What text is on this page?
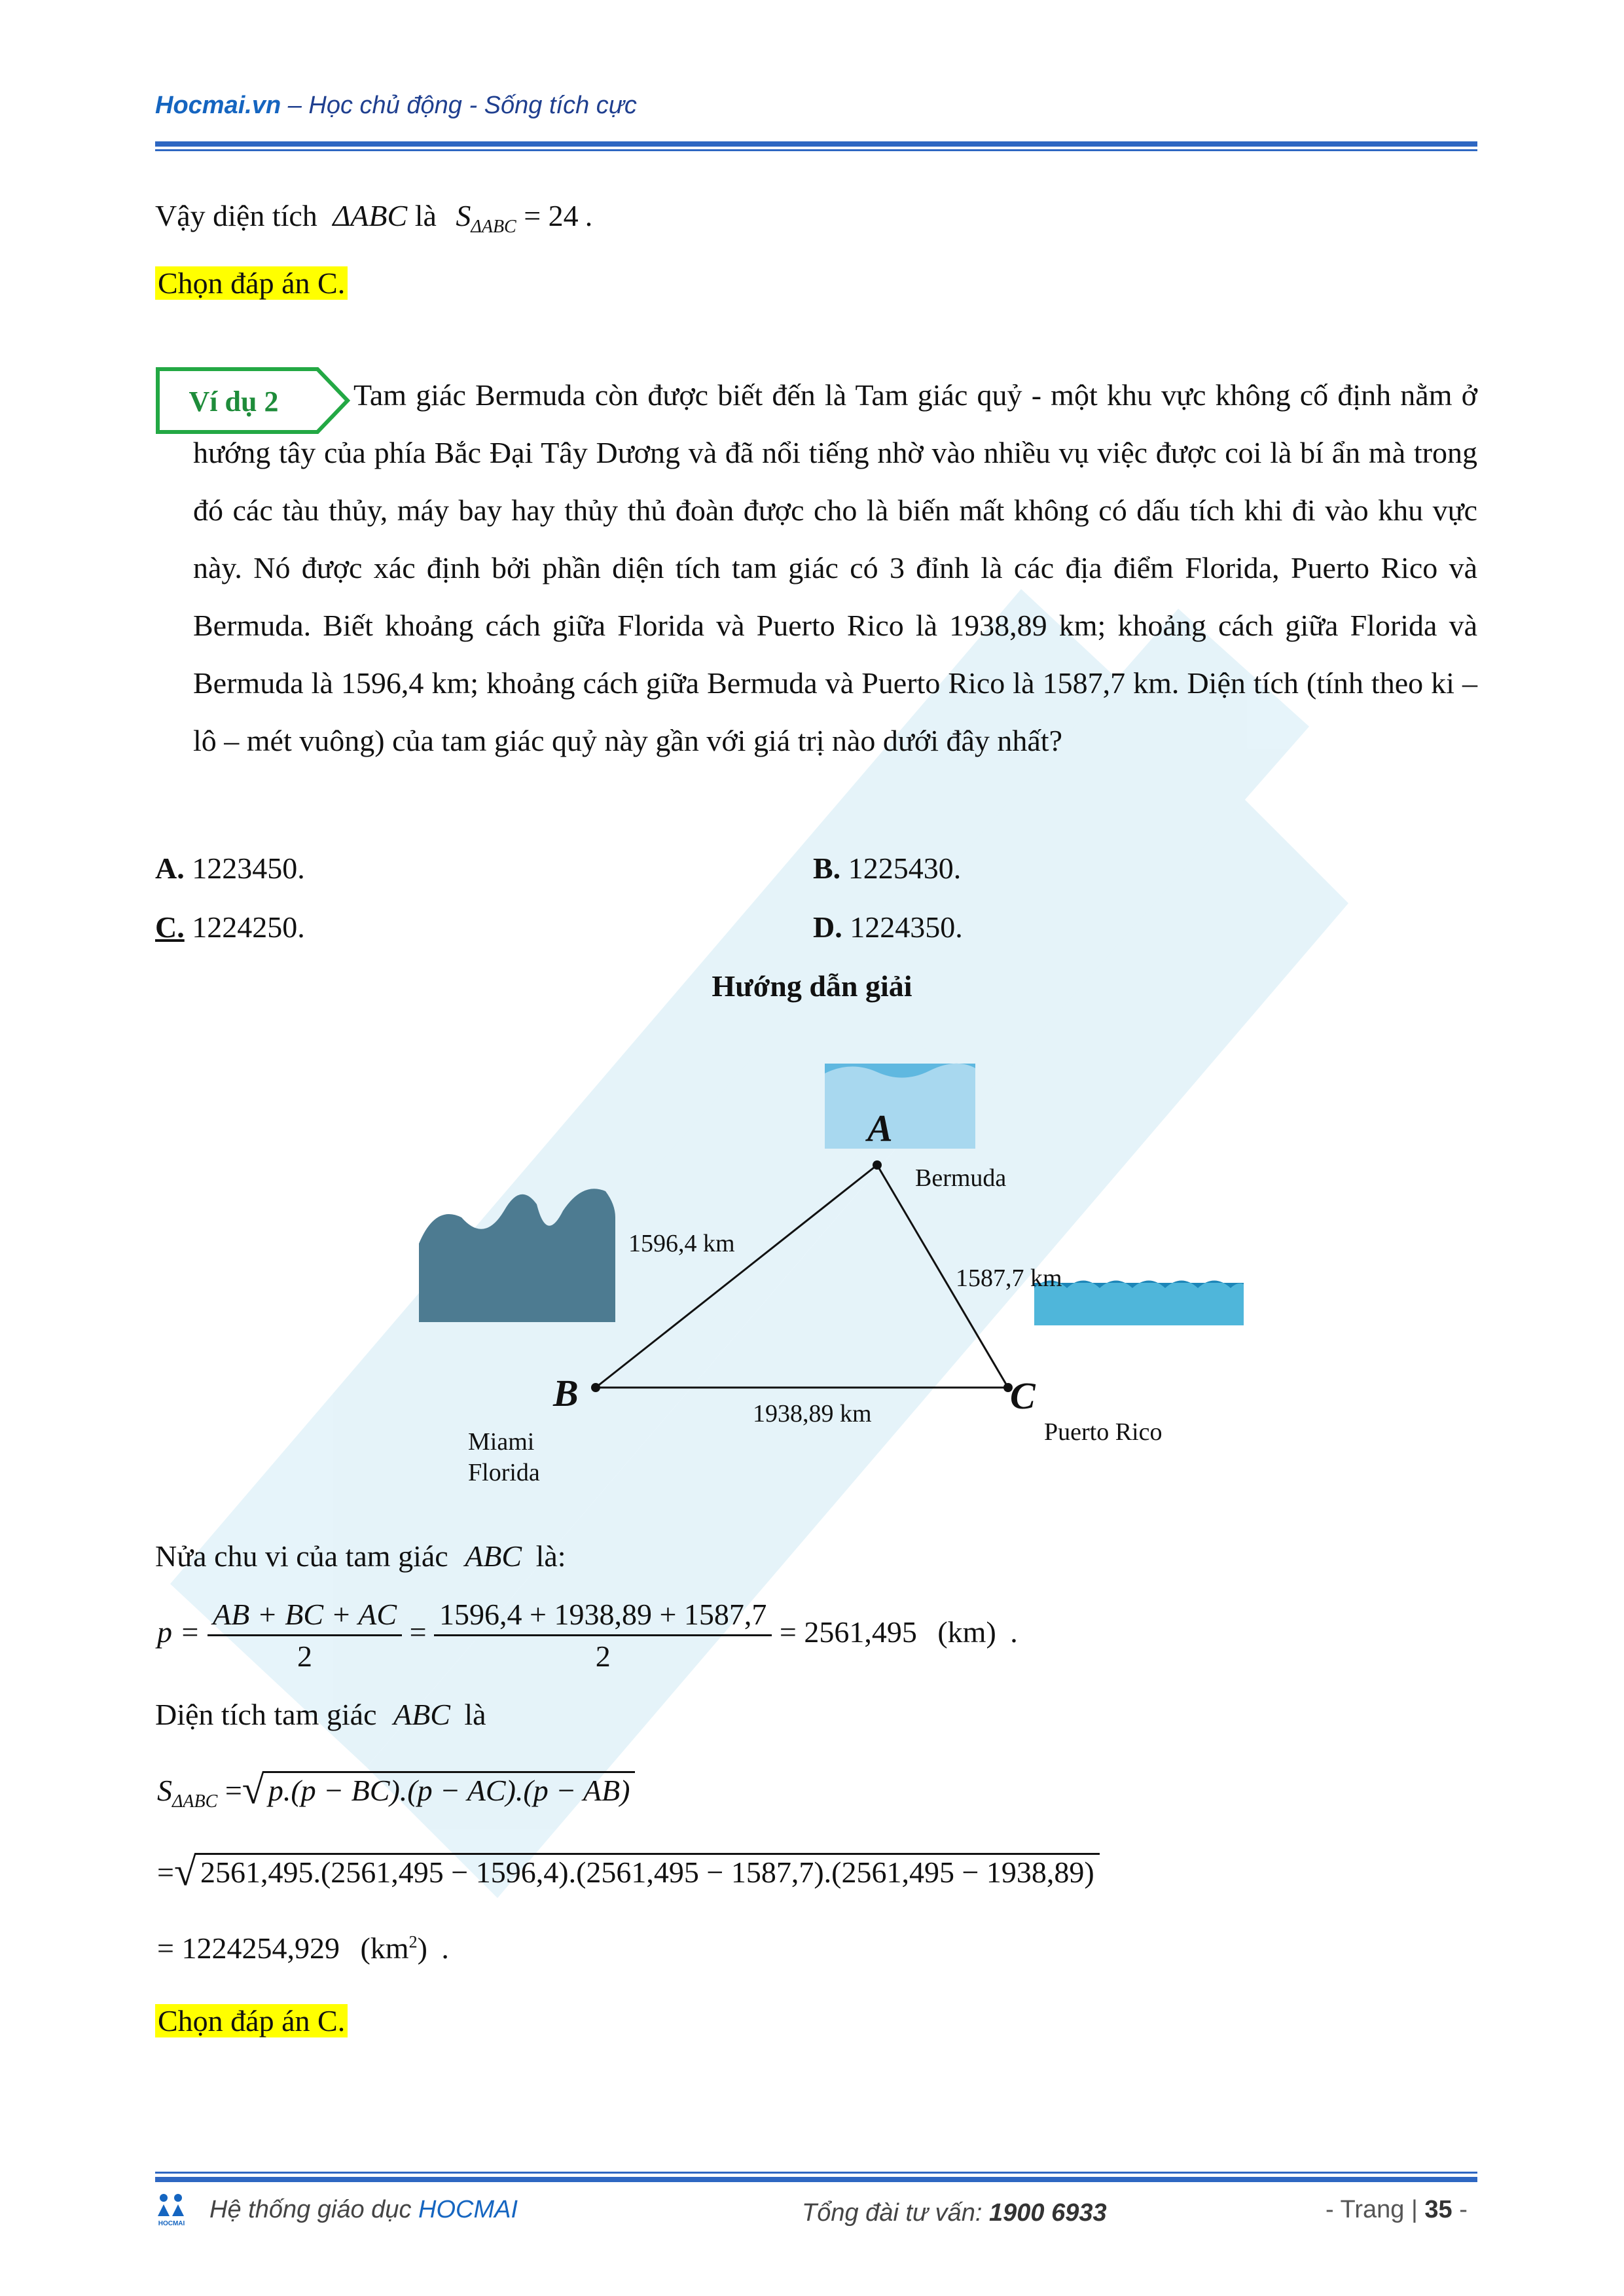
Hocmai.vn – Học chủ động - Sống tích cực
Vậy diện tích ΔABC là $S_{\Delta ABC} = 24$ .
Chọn đáp án C.
Ví dụ 2	Tam giác Bermuda còn được biết đến là Tam giác quỷ - một khu vực không cố định nằm ở hướng tây của phía Bắc Đại Tây Dương và đã nổi tiếng nhờ vào nhiều vụ việc được coi là bí ẩn mà trong đó các tàu thủy, máy bay hay thủy thủ đoàn được cho là biến mất không có dấu tích khi đi vào khu vực này. Nó được xác định bởi phần diện tích tam giác có 3 đỉnh là các địa điểm Florida, Puerto Rico và Bermuda. Biết khoảng cách giữa Florida và Puerto Rico là 1938,89 km; khoảng cách giữa Florida và Bermuda là 1596,4 km; khoảng cách giữa Bermuda và Puerto Rico là 1587,7 km. Diện tích (tính theo ki – lô – mét vuông) của tam giác quỷ này gần với giá trị nào dưới đây nhất?
A. 1223450.	B. 1225430.
C. 1224250.	D. 1224350.
Hướng dẫn giải
A
B	C
Bermuda
Miami
Florida
Puerto Rico
1596,4 km
1587,7 km
1938,89 km
Nửa chu vi của tam giác ABC là:
$p = \frac{AB + BC + AC}{2} = \frac{1596,4 + 1938,89 + 1587,7}{2} = 2561,495$ (km) .
Diện tích tam giác ABC là
$S_{\Delta ABC}$ =√ p.(p − BC).(p − AC).(p − AB)
=√ 2561,495.(2561,495 − 1596,4).(2561,495 − 1587,7).(2561,495 − 1938,89)
= 1224254,929 $(km^2)$ .
Chọn đáp án C.
HOCMAI
Hệ thống giáo dục HOCMAI	Tổng đài tư vấn: 1900 6933	- Trang | 35 -
